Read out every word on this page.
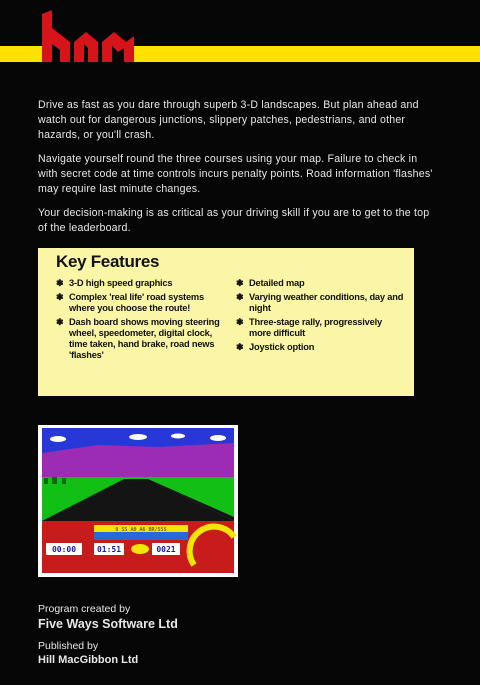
Drive as fast as you dare through superb 3-D landscapes. But plan ahead and watch out for dangerous junctions, slippery patches, pedestrians, and other hazards, or you'll crash.

Navigate yourself round the three courses using your map. Failure to check in with secret code at time controls incurs penalty points. Road information 'flashes' may require last minute changes.

Your decision-making is as critical as your driving skill if you are to get to the top of the leaderboard.

Key Features
❃ 3-D high speed graphics
❃ Complex 'real life' road systems where you choose the route!
❃ Dash board shows moving steering wheel, speedometer, digital clock, time taken, hand brake, road news 'flashes'
❃ Detailed map
❃ Varying weather conditions, day and night
❃ Three-stage rally, progressively more difficult
❃ Joystick option
0 SS A0 A6 BR/SSS
00:00	01:51	0021
Program created by
Five Ways Software Ltd
Published by
Hill MacGibbon Ltd
